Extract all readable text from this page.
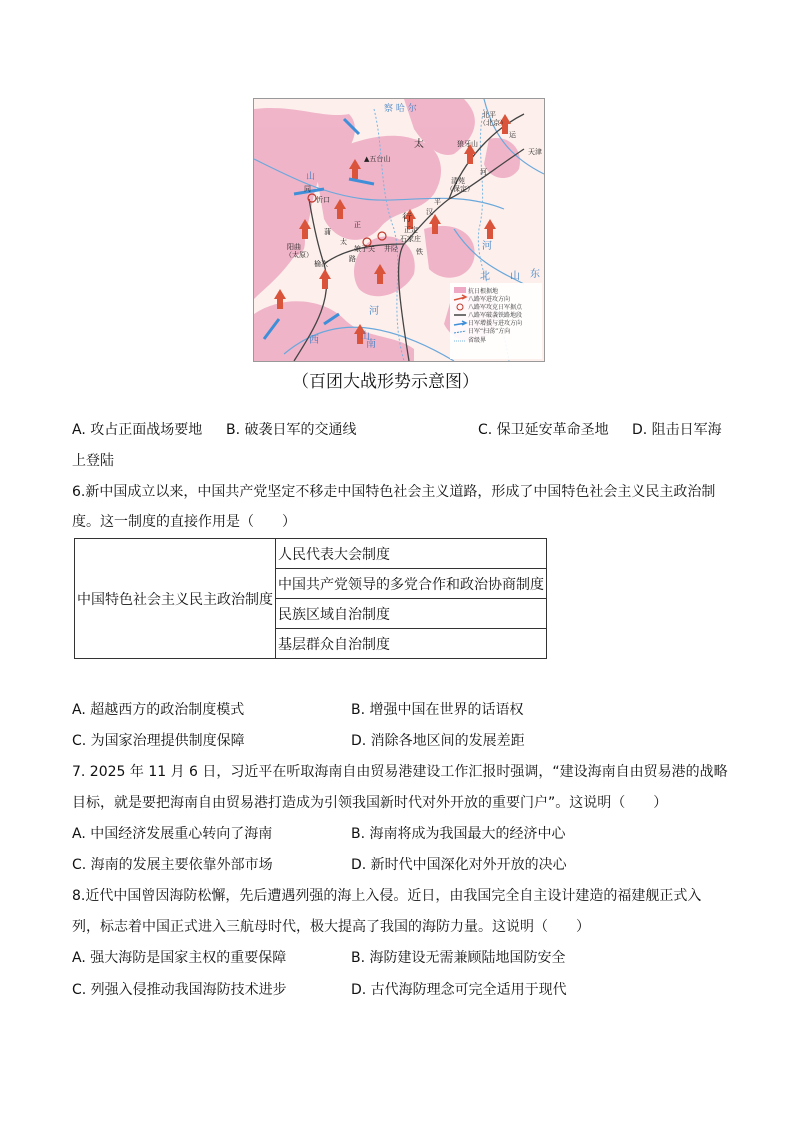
抗日根据地
八路军进攻方向
八路军攻克日军据点
八路军破袭铁路地段
日军增援与进攻方向
日军“扫荡”方向
省级界
察 哈 尔
北平
（北京）
天津
狼牙山
▲五台山
清苑
（保定）
忻口
正定
石家庄
娘子关 井陉
阳曲
（太原）
榆次
河
北 山 东
河
南
山
西
太
行
山
同
蒲
正
太
路
运
河
平
汉
铁
（百团大战形势示意图）
A. 攻占正面战场要地 B. 破袭日军的交通线	C. 保卫延安革命圣地 D. 阻击日军海
上登陆
6.新中国成立以来，中国共产党坚定不移走中国特色社会主义道路，形成了中国特色社会主义民主政治制
度。这一制度的直接作用是（　　）
中国特色社会主义民主政治制度	人民代表大会制度
中国共产党领导的多党合作和政治协商制度
民族区域自治制度
基层群众自治制度
A. 超越西方的政治制度模式	B. 增强中国在世界的话语权
C. 为国家治理提供制度保障	D. 消除各地区间的发展差距
7. 2025 年 11 月 6 日，习近平在听取海南自由贸易港建设工作汇报时强调，“建设海南自由贸易港的战略
目标，就是要把海南自由贸易港打造成为引领我国新时代对外开放的重要门户”。这说明（　　）
A. 中国经济发展重心转向了海南	B. 海南将成为我国最大的经济中心
C. 海南的发展主要依靠外部市场	D. 新时代中国深化对外开放的决心
8.近代中国曾因海防松懈，先后遭遇列强的海上入侵。近日，由我国完全自主设计建造的福建舰正式入
列，标志着中国正式进入三航母时代，极大提高了我国的海防力量。这说明（　　）
A. 强大海防是国家主权的重要保障	B. 海防建设无需兼顾陆地国防安全
C. 列强入侵推动我国海防技术进步	D. 古代海防理念可完全适用于现代
